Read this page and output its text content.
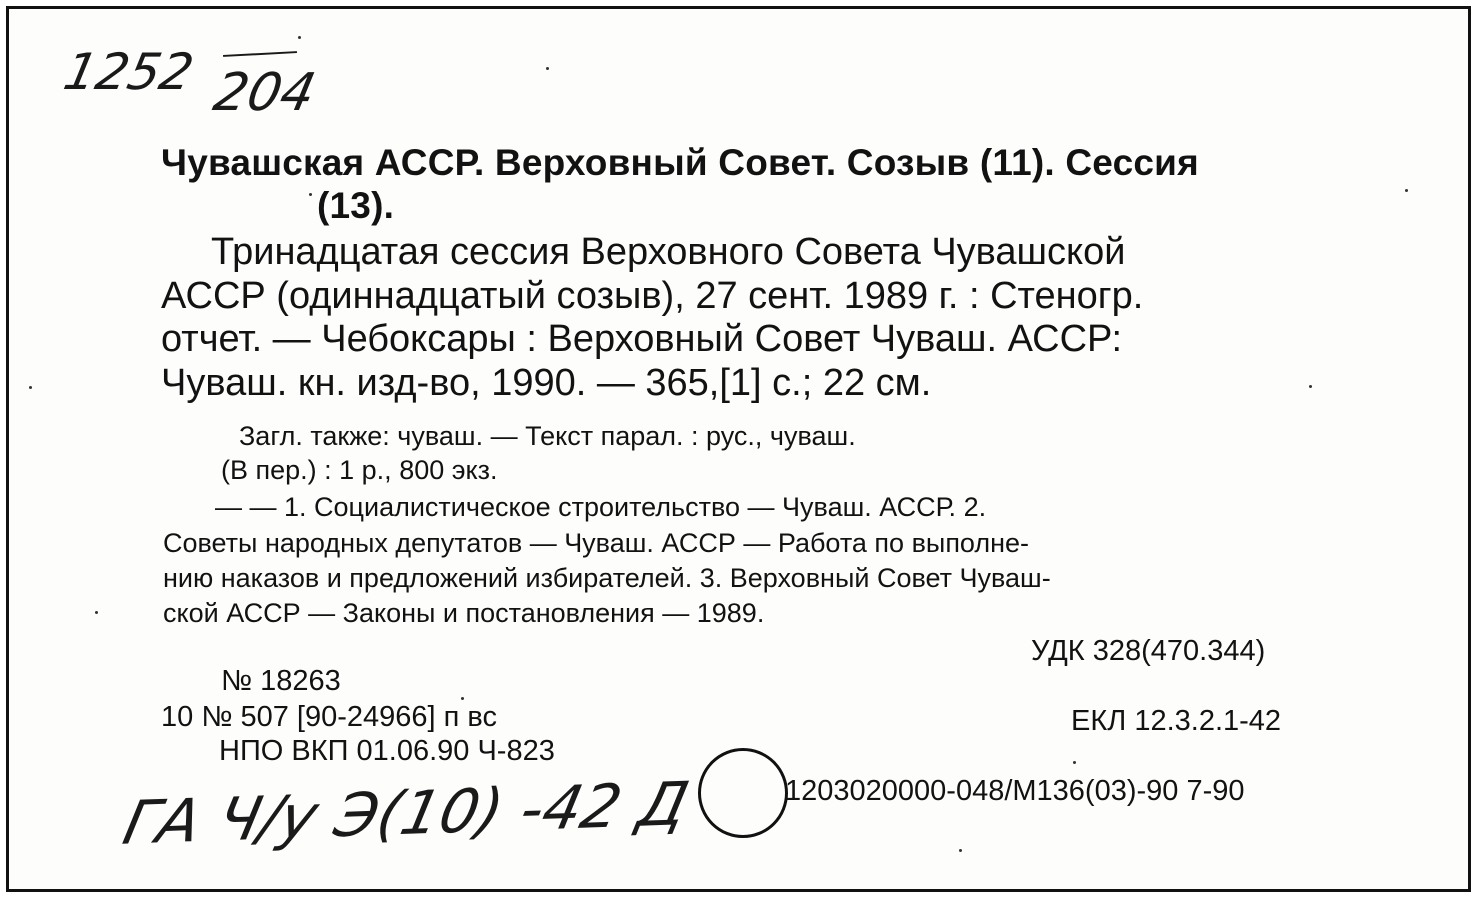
1252 204
Чувашская АССР. Верховный Совет. Созыв (11). Сессия
(13).
Тринадцатая сессия Верховного Совета Чувашской
АССР (одиннадцатый созыв), 27 сент. 1989 г. : Стеногр.
отчет. — Чебоксары : Верховный Совет Чуваш. АССР:
Чуваш. кн. изд-во, 1990. — 365,[1] с.; 22 см.
Загл. также: чуваш. — Текст парал. : рус., чуваш.
(В пер.) : 1 р., 800 экз.
— — 1. Социалистическое строительство — Чуваш. АССР. 2.
Советы народных депутатов — Чуваш. АССР — Работа по выполне-
нию наказов и предложений избирателей. 3. Верховный Совет Чуваш-
ской АССР — Законы и постановления — 1989.
УДК 328(470.344)
№ 18263
10 № 507 [90-24966] п вс	ЕКЛ 12.3.2.1-42
НПО ВКП 01.06.90 Ч-823
1203020000-048/М136(03)-90 7-90
ГА Ч/у Э(10) -42 Д
